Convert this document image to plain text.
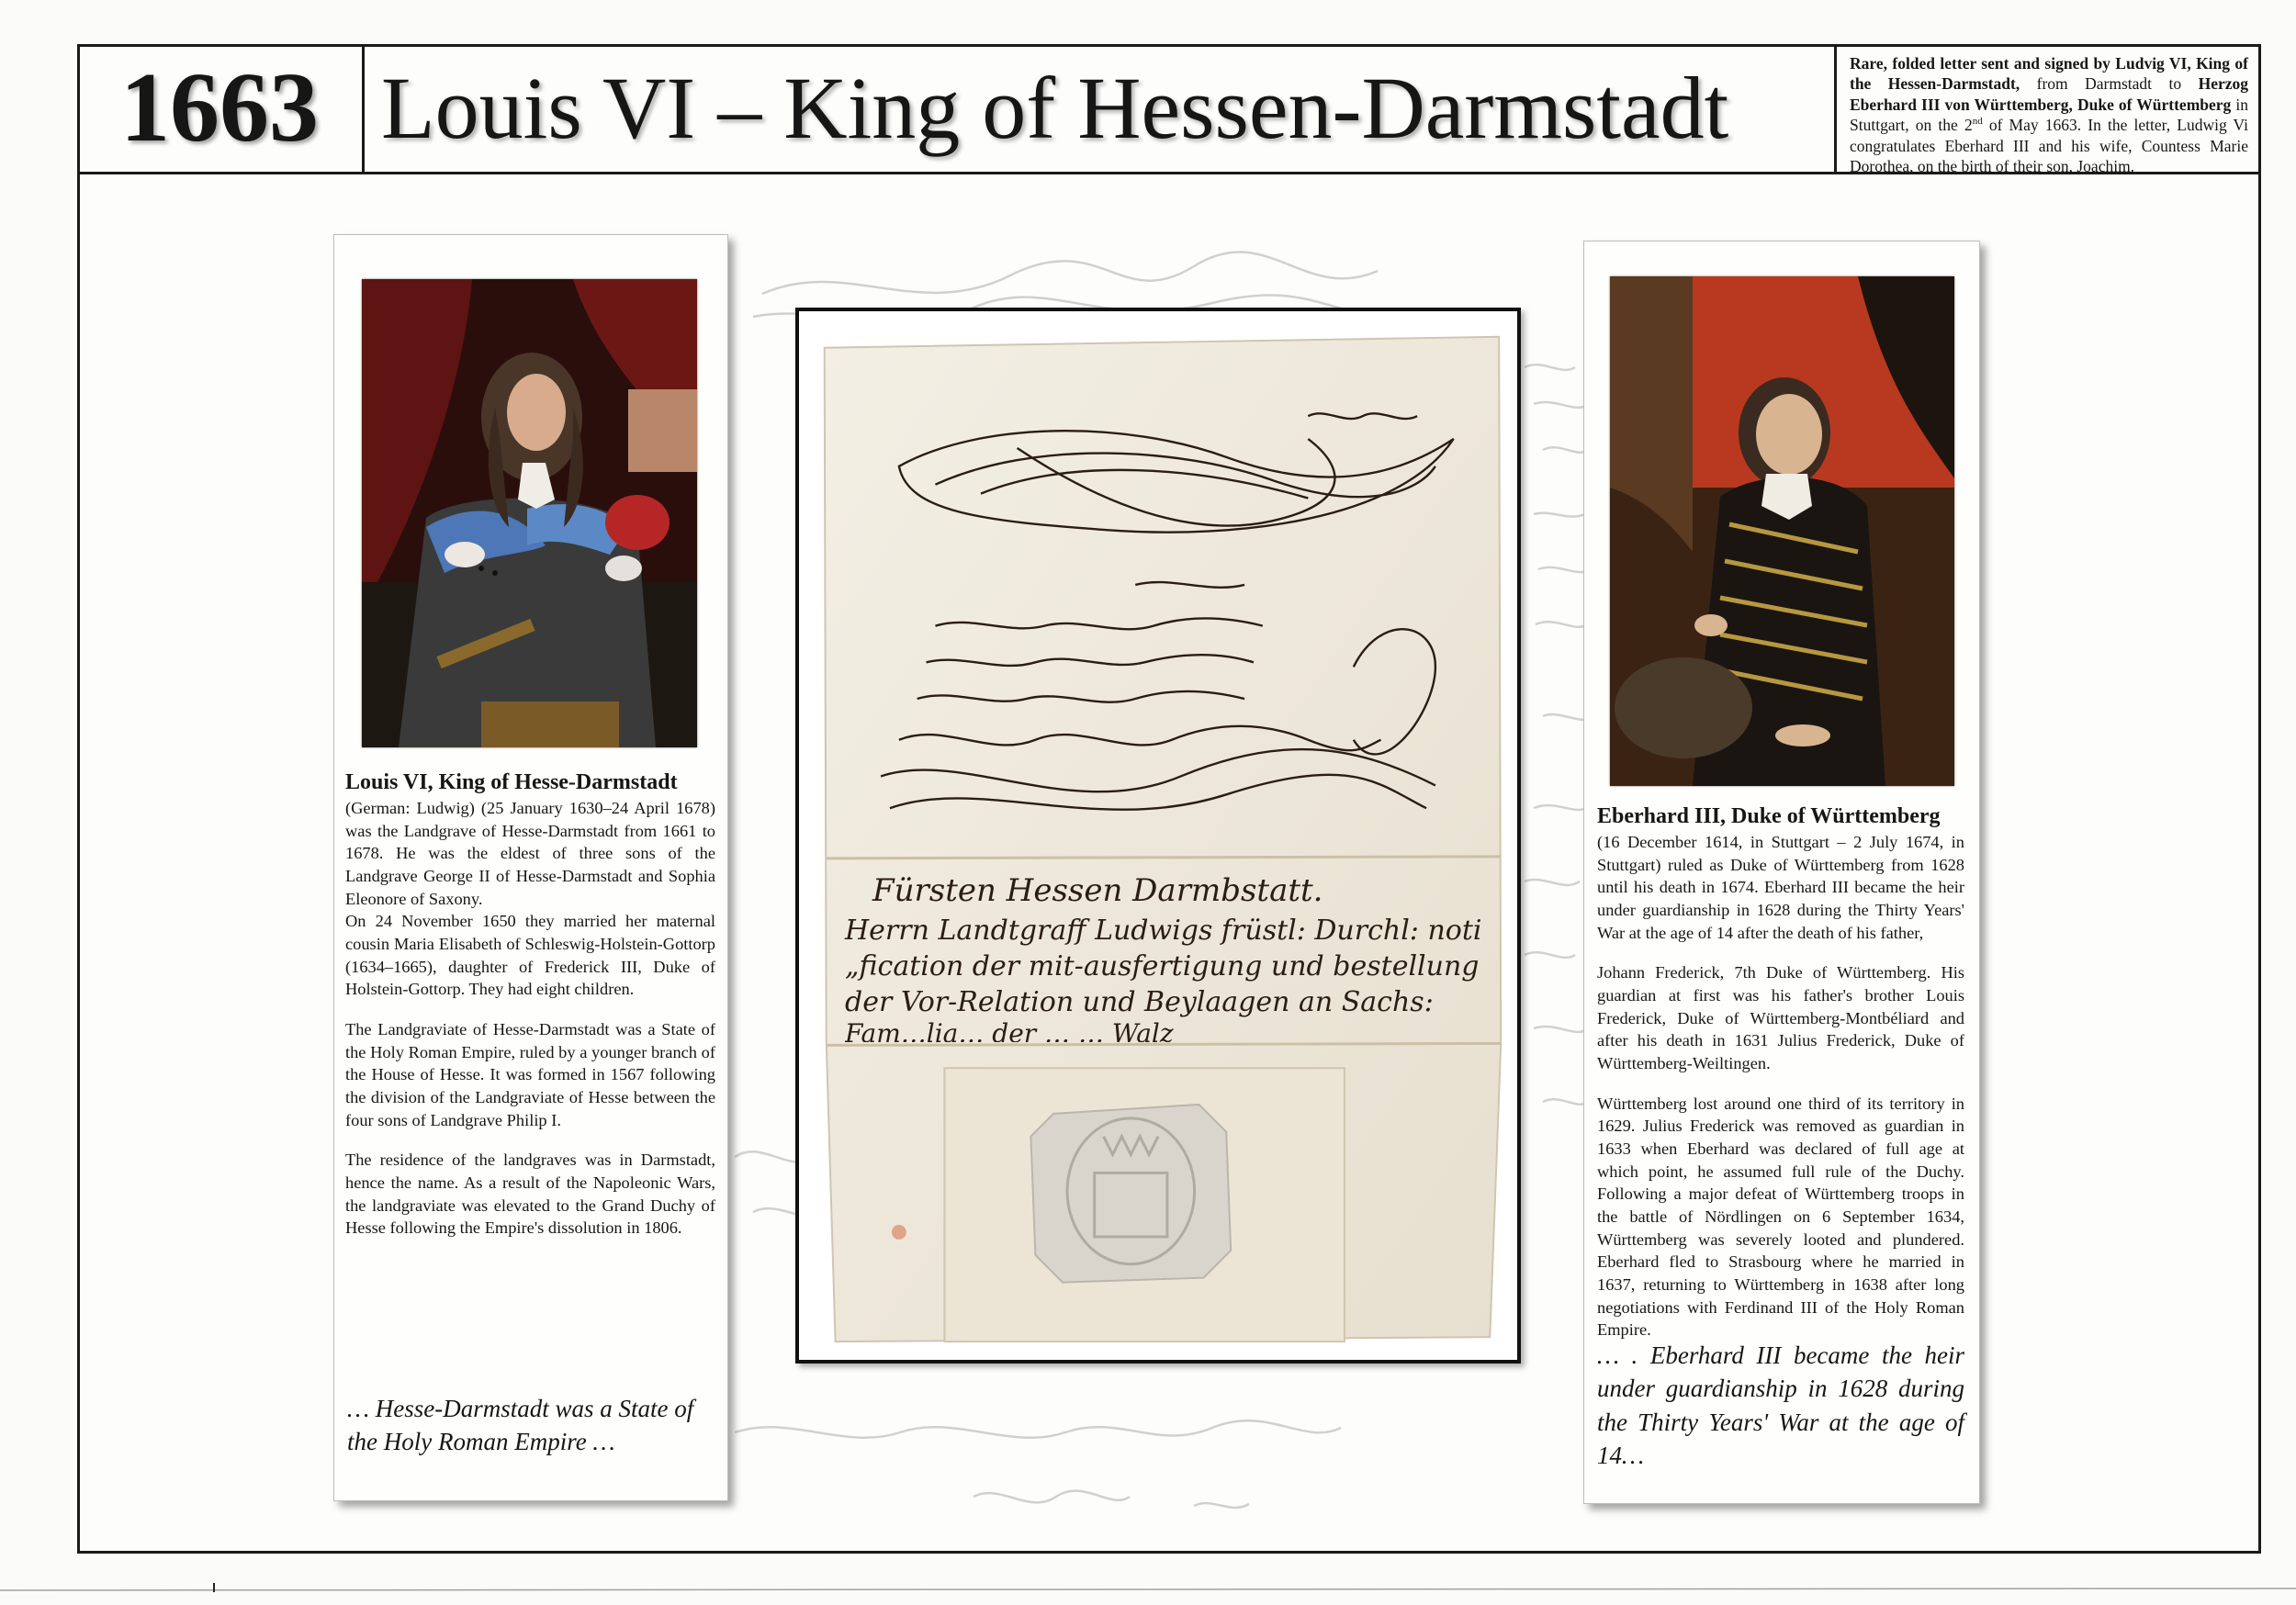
1663 Louis VI – King of Hessen-Darmstadt	Rare, folded letter sent and signed by Ludvig VI, King of the Hessen-Darmstadt, from Darmstadt to Herzog Eberhard III von Württemberg, Duke of Württemberg in Stuttgart, on the 2nd of May 1663. In the letter, Ludwig Vi congratulates Eberhard III and his wife, Countess Marie Dorothea, on the birth of their son, Joachim.
Louis VI, King of Hesse-Darmstadt

(German: Ludwig) (25 January 1630–24 April 1678) was the Landgrave of Hesse-Darmstadt from 1661 to 1678. He was the eldest of three sons of the Landgrave George II of Hesse-Darmstadt and Sophia Eleonore of Saxony.

On 24 November 1650 they married her maternal cousin Maria Elisabeth of Schleswig-Holstein-Gottorp (1634–1665), daughter of Frederick III, Duke of Holstein-Gottorp. They had eight children.

The Landgraviate of Hesse-Darmstadt was a State of the Holy Roman Empire, ruled by a younger branch of the House of Hesse. It was formed in 1567 following the division of the Landgraviate of Hesse between the four sons of Landgrave Philip I.

The residence of the landgraves was in Darmstadt, hence the name. As a result of the Napoleonic Wars, the landgraviate was elevated to the Grand Duchy of Hesse following the Empire's dissolution in 1806.

… Hesse-Darmstadt was a State of the Holy Roman Empire …
Eberhard III, Duke of Württemberg

(16 December 1614, in Stuttgart – 2 July 1674, in Stuttgart) ruled as Duke of Württemberg from 1628 until his death in 1674. Eberhard III became the heir under guardianship in 1628 during the Thirty Years' War at the age of 14 after the death of his father,

Johann Frederick, 7th Duke of Württemberg. His guardian at first was his father's brother Louis Frederick, Duke of Württemberg-Montbéliard and after his death in 1631 Julius Frederick, Duke of Württemberg-Weiltingen.

Württemberg lost around one third of its territory in 1629. Julius Frederick was removed as guardian in 1633 when Eberhard was declared of full age at which point, he assumed full rule of the Duchy. Following a major defeat of Württemberg troops in the battle of Nördlingen on 6 September 1634, Württemberg was severely looted and plundered. Eberhard fled to Strasbourg where he married in 1637, returning to Württemberg in 1638 after long negotiations with Ferdinand III of the Holy Roman Empire.

… . Eberhard III became the heir under guardianship in 1628 during the Thirty Years' War at the age of 14…
Fürsten Hessen Darmbstatt.
Herrn Landtgraff Ludwigs früstl: Durchl: noti
„fication der mit-ausfertigung und bestellung
der Vor-Relation und Beylaagen an Sachs:
Fam…lia… der … … Walz
